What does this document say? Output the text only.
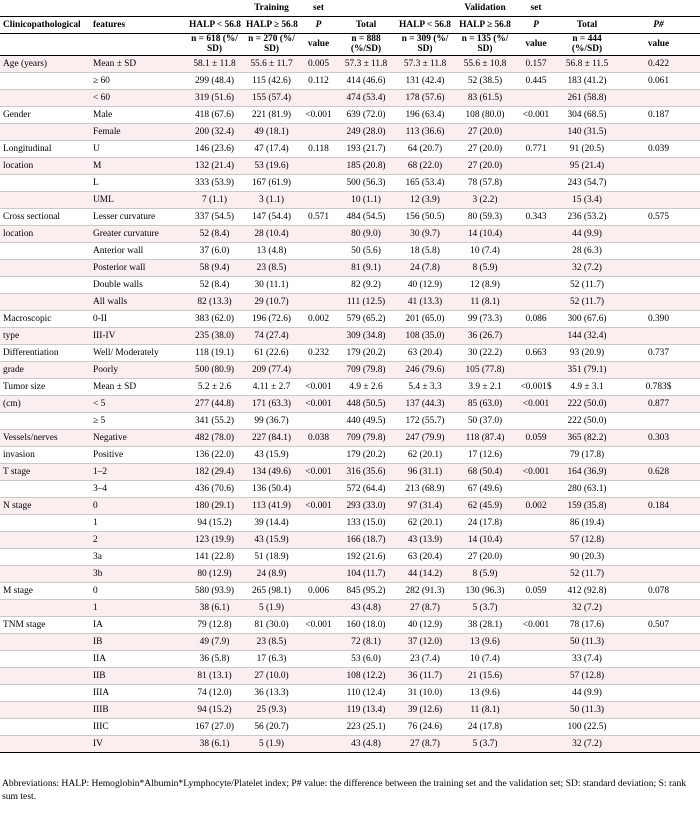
			Training	set			Validation	set		
Clinicopathological	features	HALP < 56.8	HALP ≥ 56.8	P	Total	HALP < 56.8	HALP ≥ 56.8	P	Total	P#
		n = 618 (%/ SD)	n = 270 (%/ SD)	value	n = 888 (%/SD)	n = 309 (%/ SD)	n = 135 (%/ SD)	value	n = 444 (%/SD)	value
Age (years)	Mean ± SD	58.1 ± 11.8	55.6 ± 11.7	0.005	57.3 ± 11.8	57.3 ± 11.8	55.6 ± 10.8	0.157	56.8 ± 11.5	0.422
	≥ 60	299 (48.4)	115 (42.6)	0.112	414 (46.6)	131 (42.4)	52 (38.5)	0.445	183 (41.2)	0.061
	< 60	319 (51.6)	155 (57.4)		474 (53.4)	178 (57.6)	83 (61.5)		261 (58.8)	
Gender	Male	418 (67.6)	221 (81.9)	<0.001	639 (72.0)	196 (63.4)	108 (80.0)	<0.001	304 (68.5)	0.187
	Female	200 (32.4)	49 (18.1)		249 (28.0)	113 (36.6)	27 (20.0)		140 (31.5)	
Longitudinal	U	146 (23.6)	47 (17.4)	0.118	193 (21.7)	64 (20.7)	27 (20.0)	0.771	91 (20.5)	0.039
location	M	132 (21.4)	53 (19.6)		185 (20.8)	68 (22.0)	27 (20.0)		95 (21.4)	
	L	333 (53.9)	167 (61.9)		500 (56.3)	165 (53.4)	78 (57.8)		243 (54.7)	
	UML	7 (1.1)	3 (1.1)		10 (1.1)	12 (3.9)	3 (2.2)		15 (3.4)	
Cross sectional	Lesser curvature	337 (54.5)	147 (54.4)	0.571	484 (54.5)	156 (50.5)	80 (59.3)	0.343	236 (53.2)	0.575
location	Greater curvature	52 (8.4)	28 (10.4)		80 (9.0)	30 (9.7)	14 (10.4)		44 (9.9)	
	Anterior wall	37 (6.0)	13 (4.8)		50 (5.6)	18 (5.8)	10 (7.4)		28 (6.3)	
	Posterior wall	58 (9.4)	23 (8.5)		81 (9.1)	24 (7.8)	8 (5.9)		32 (7.2)	
	Double walls	52 (8.4)	30 (11.1)		82 (9.2)	40 (12.9)	12 (8.9)		52 (11.7)	
	All walls	82 (13.3)	29 (10.7)		111 (12.5)	41 (13.3)	11 (8.1)		52 (11.7)	
Macroscopic	0-II	383 (62.0)	196 (72.6)	0.002	579 (65.2)	201 (65.0)	99 (73.3)	0.086	300 (67.6)	0.390
type	III-IV	235 (38.0)	74 (27.4)		309 (34.8)	108 (35.0)	36 (26.7)		144 (32.4)	
Differentiation	Well/ Moderately	118 (19.1)	61 (22.6)	0.232	179 (20.2)	63 (20.4)	30 (22.2)	0.663	93 (20.9)	0.737
grade	Poorly	500 (80.9)	209 (77.4)		709 (79.8)	246 (79.6)	105 (77.8)		351 (79.1)	
Tumor size	Mean ± SD	5.2 ± 2.6	4.11 ± 2.7	<0.001	4.9 ± 2.6	5.4 ± 3.3	3.9 ± 2.1	<0.001$	4.9 ± 3.1	0.783$
(cm)	< 5	277 (44.8)	171 (63.3)	<0.001	448 (50.5)	137 (44.3)	85 (63.0)	<0.001	222 (50.0)	0.877
	≥ 5	341 (55.2)	99 (36.7)		440 (49.5)	172 (55.7)	50 (37.0)		222 (50.0)	
Vessels/nerves	Negative	482 (78.0)	227 (84.1)	0.038	709 (79.8)	247 (79.9)	118 (87.4)	0.059	365 (82.2)	0.303
invasion	Positive	136 (22.0)	43 (15.9)		179 (20.2)	62 (20.1)	17 (12.6)		79 (17.8)	
T stage	1–2	182 (29.4)	134 (49.6)	<0.001	316 (35.6)	96 (31.1)	68 (50.4)	<0.001	164 (36.9)	0.628
	3–4	436 (70.6)	136 (50.4)		572 (64.4)	213 (68.9)	67 (49.6)		280 (63.1)	
N stage	0	180 (29.1)	113 (41.9)	<0.001	293 (33.0)	97 (31.4)	62 (45.9)	0.002	159 (35.8)	0.184
	1	94 (15.2)	39 (14.4)		133 (15.0)	62 (20.1)	24 (17.8)		86 (19.4)	
	2	123 (19.9)	43 (15.9)		166 (18.7)	43 (13.9)	14 (10.4)		57 (12.8)	
	3a	141 (22.8)	51 (18.9)		192 (21.6)	63 (20.4)	27 (20.0)		90 (20.3)	
	3b	80 (12.9)	24 (8.9)		104 (11.7)	44 (14.2)	8 (5.9)		52 (11.7)	
M stage	0	580 (93.9)	265 (98.1)	0.006	845 (95.2)	282 (91.3)	130 (96.3)	0.059	412 (92.8)	0.078
	1	38 (6.1)	5 (1.9)		43 (4.8)	27 (8.7)	5 (3.7)		32 (7.2)	
TNM stage	IA	79 (12.8)	81 (30.0)	<0.001	160 (18.0)	40 (12.9)	38 (28.1)	<0.001	78 (17.6)	0.507
	IB	49 (7.9)	23 (8.5)		72 (8.1)	37 (12.0)	13 (9.6)		50 (11.3)	
	IIA	36 (5.8)	17 (6.3)		53 (6.0)	23 (7.4)	10 (7.4)		33 (7.4)	
	IIB	81 (13.1)	27 (10.0)		108 (12.2)	36 (11.7)	21 (15.6)		57 (12.8)	
	IIIA	74 (12.0)	36 (13.3)		110 (12.4)	31 (10.0)	13 (9.6)		44 (9.9)	
	IIIB	94 (15.2)	25 (9.3)		119 (13.4)	39 (12.6)	11 (8.1)		50 (11.3)	
	IIIC	167 (27.0)	56 (20.7)		223 (25.1)	76 (24.6)	24 (17.8)		100 (22.5)	
	IV	38 (6.1)	5 (1.9)		43 (4.8)	27 (8.7)	5 (3.7)		32 (7.2)	
Abbreviations: HALP: Hemoglobin*Albumin*Lymphocyte/Platelet index; P# value: the difference between the training set and the validation set; SD: standard deviation; S: rank sum test.
